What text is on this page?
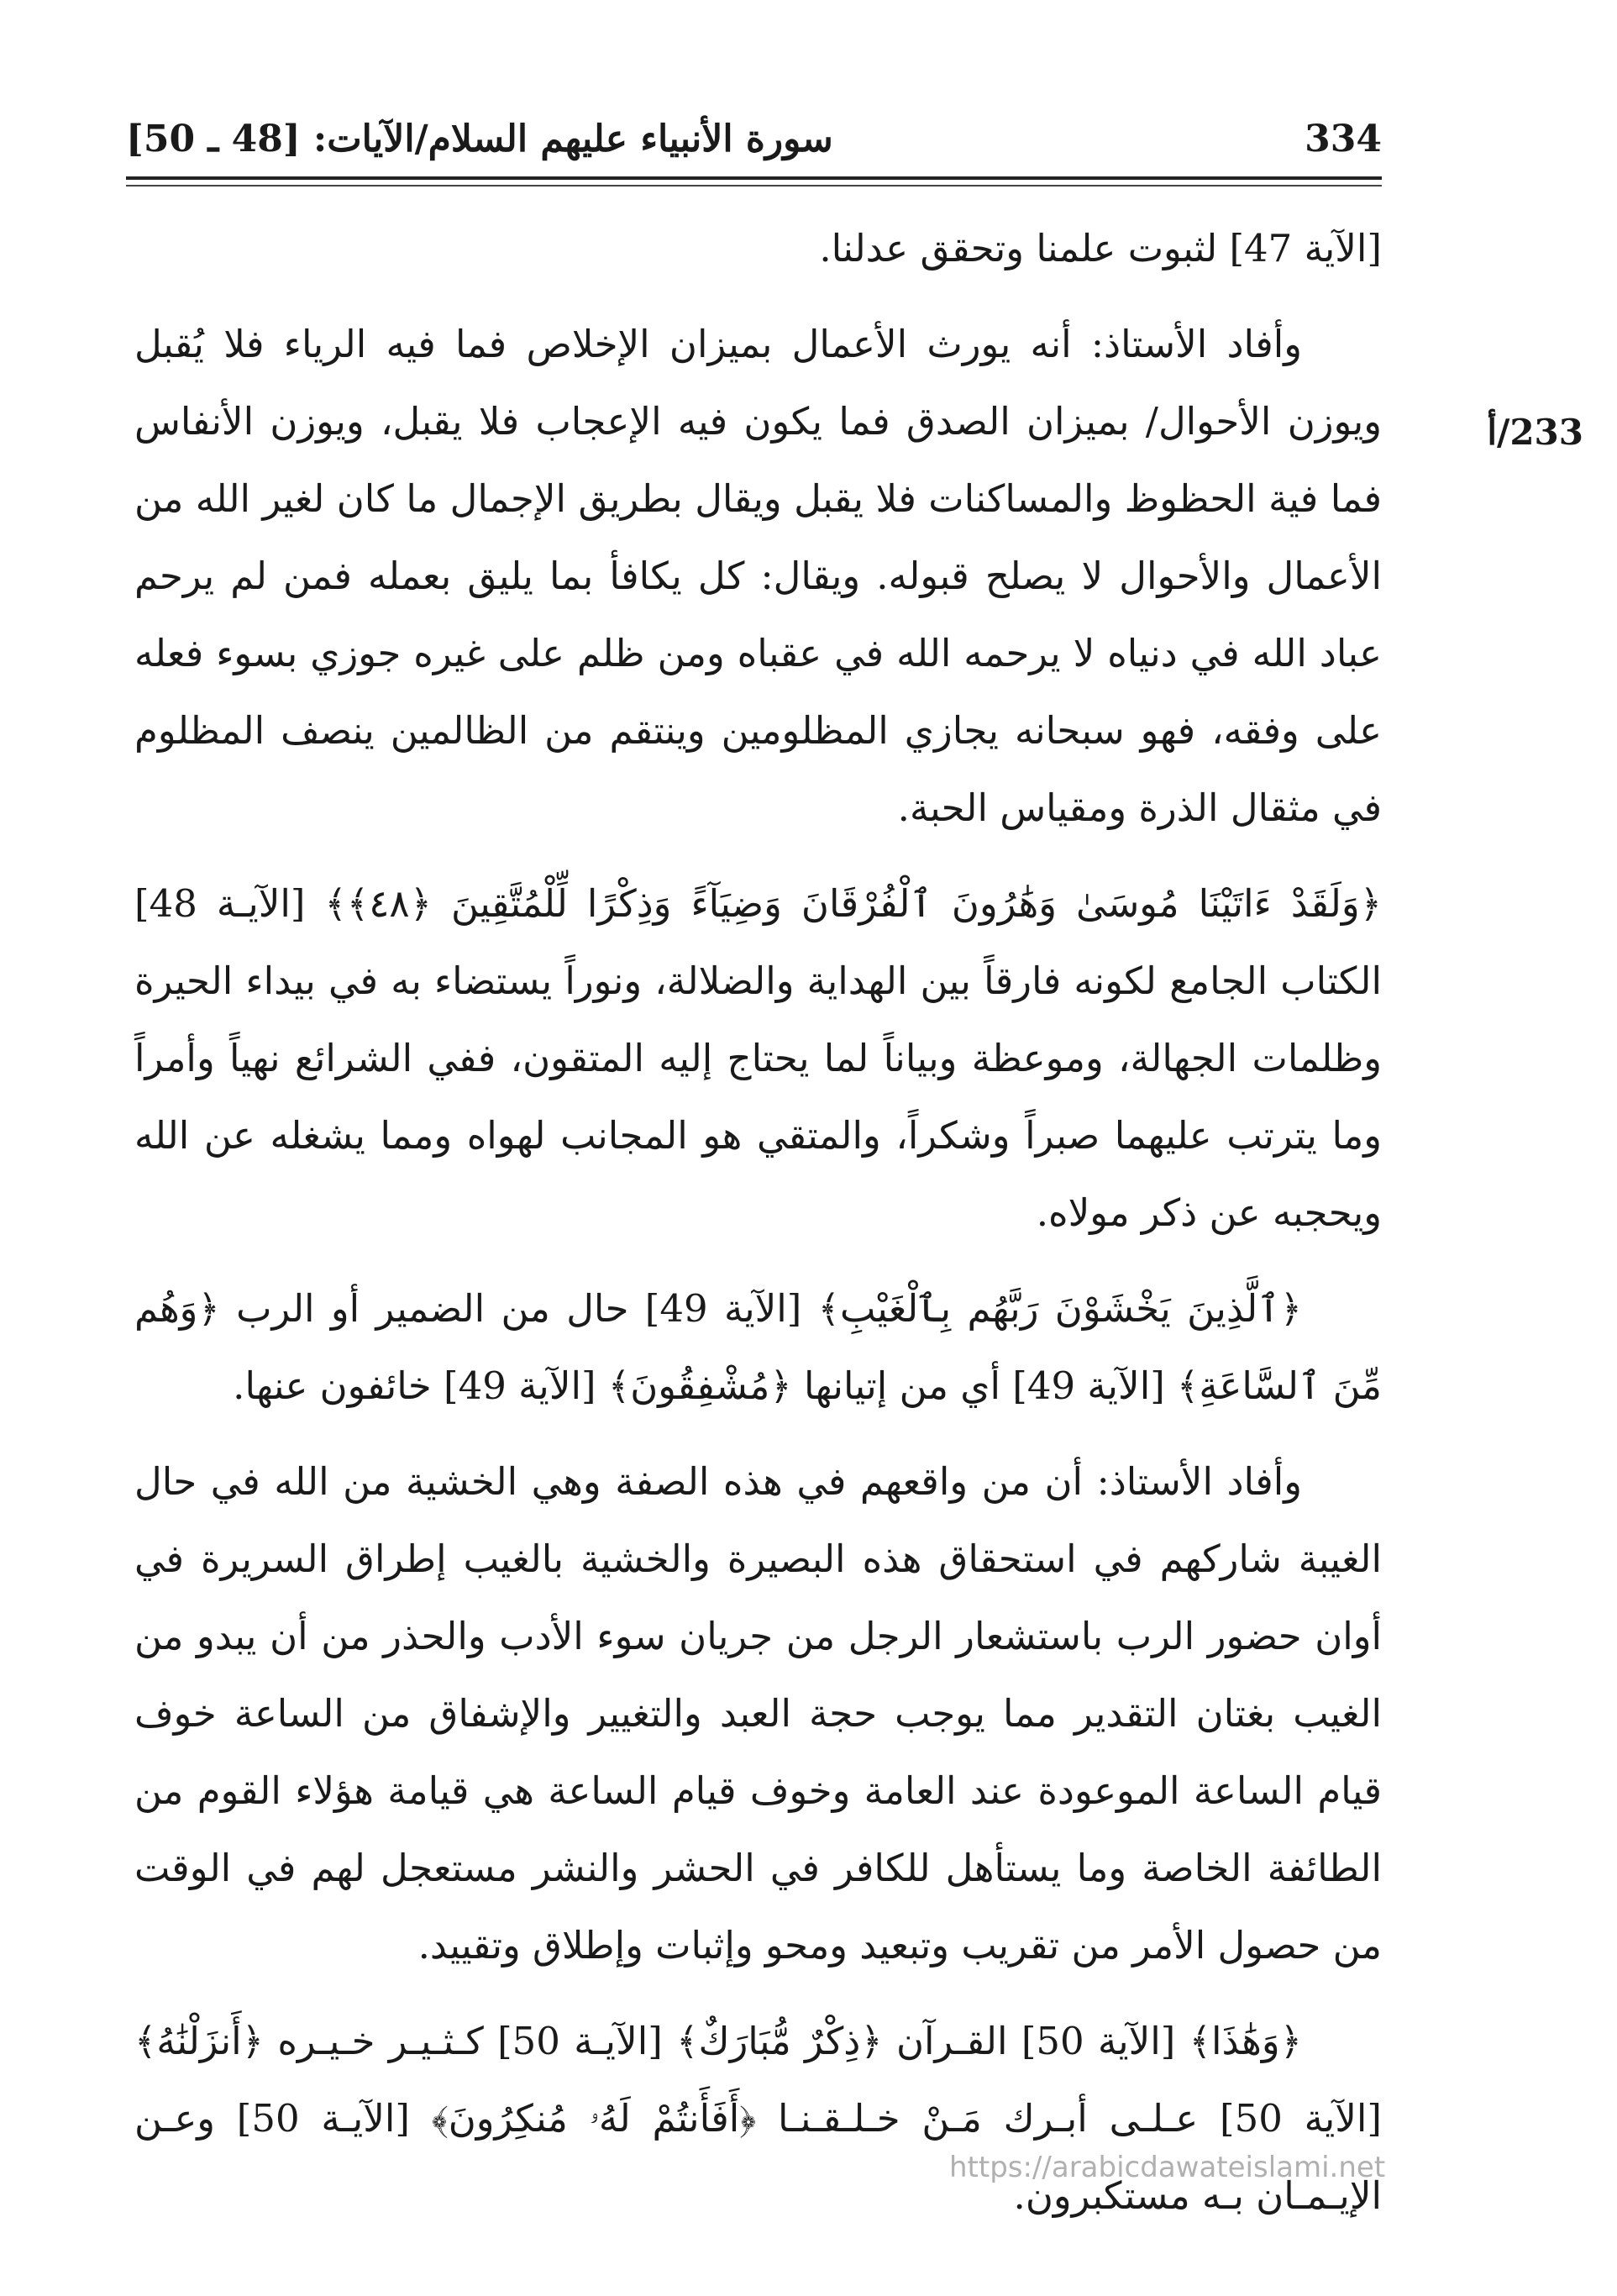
334
سورة الأنبياء عليهم السلام/الآيات: [48 ـ 50]
233/أ

[الآية 47] لثبوت علمنا وتحقق عدلنا.

وأفاد الأستاذ: أنه يورث الأعمال بميزان الإخلاص فما فيه الرياء فلا يُقبل ويوزن الأحوال/ بميزان الصدق فما يكون فيه الإعجاب فلا يقبل، ويوزن الأنفاس فما فية الحظوظ والمساكنات فلا يقبل ويقال بطريق الإجمال ما كان لغير الله من الأعمال والأحوال لا يصلح قبوله. ويقال: كل يكافأ بما يليق بعمله فمن لم يرحم عباد الله في دنياه لا يرحمه الله في عقباه ومن ظلم على غيره جوزي بسوء فعله على وفقه، فهو سبحانه يجازي المظلومين وينتقم من الظالمين ينصف المظلوم في مثقال الذرة ومقياس الحبة.

﴿وَلَقَدْ ءَاتَيْنَا مُوسَىٰ وَهَٰرُونَ ٱلْفُرْقَانَ وَضِيَآءً وَذِكْرًا لِّلْمُتَّقِينَ ﴿٤٨﴾﴾ [الآيـة 48] الكتاب الجامع لكونه فارقاً بين الهداية والضلالة، ونوراً يستضاء به في بيداء الحيرة وظلمات الجهالة، وموعظة وبياناً لما يحتاج إليه المتقون، ففي الشرائع نهياً وأمراً وما يترتب عليهما صبراً وشكراً، والمتقي هو المجانب لهواه ومما يشغله عن الله ويحجبه عن ذكر مولاه.

﴿ٱلَّذِينَ يَخْشَوْنَ رَبَّهُم بِٱلْغَيْبِ﴾ [الآية 49] حال من الضمير أو الرب ﴿وَهُم مِّنَ ٱلسَّاعَةِ﴾ [الآية 49] أي من إتيانها ﴿مُشْفِقُونَ﴾ [الآية 49] خائفون عنها.

وأفاد الأستاذ: أن من واقعهم في هذه الصفة وهي الخشية من الله في حال الغيبة شاركهم في استحقاق هذه البصيرة والخشية بالغيب إطراق السريرة في أوان حضور الرب باستشعار الرجل من جريان سوء الأدب والحذر من أن يبدو من الغيب بغتان التقدير مما يوجب حجة العبد والتغيير والإشفاق من الساعة خوف قيام الساعة الموعودة عند العامة وخوف قيام الساعة هي قيامة هؤلاء القوم من الطائفة الخاصة وما يستأهل للكافر في الحشر والنشر مستعجل لهم في الوقت من حصول الأمر من تقريب وتبعيد ومحو وإثبات وإطلاق وتقييد.

﴿وَهَٰذَا﴾ [الآية 50] القـرآن ﴿ذِكْرٌ مُّبَارَكٌ﴾ [الآيـة 50] كـثـيـر خـيـره ﴿أَنزَلْنَٰهُ﴾ [الآية 50] عـلـى أبـرك مَـنْ خـلـقـنـا ﴿أَفَأَنتُمْ لَهُۥ مُنكِرُونَ﴾ [الآيـة 50] وعـن الإيـمـان بـه مستكبرون.

https://arabicdawateislami.net
